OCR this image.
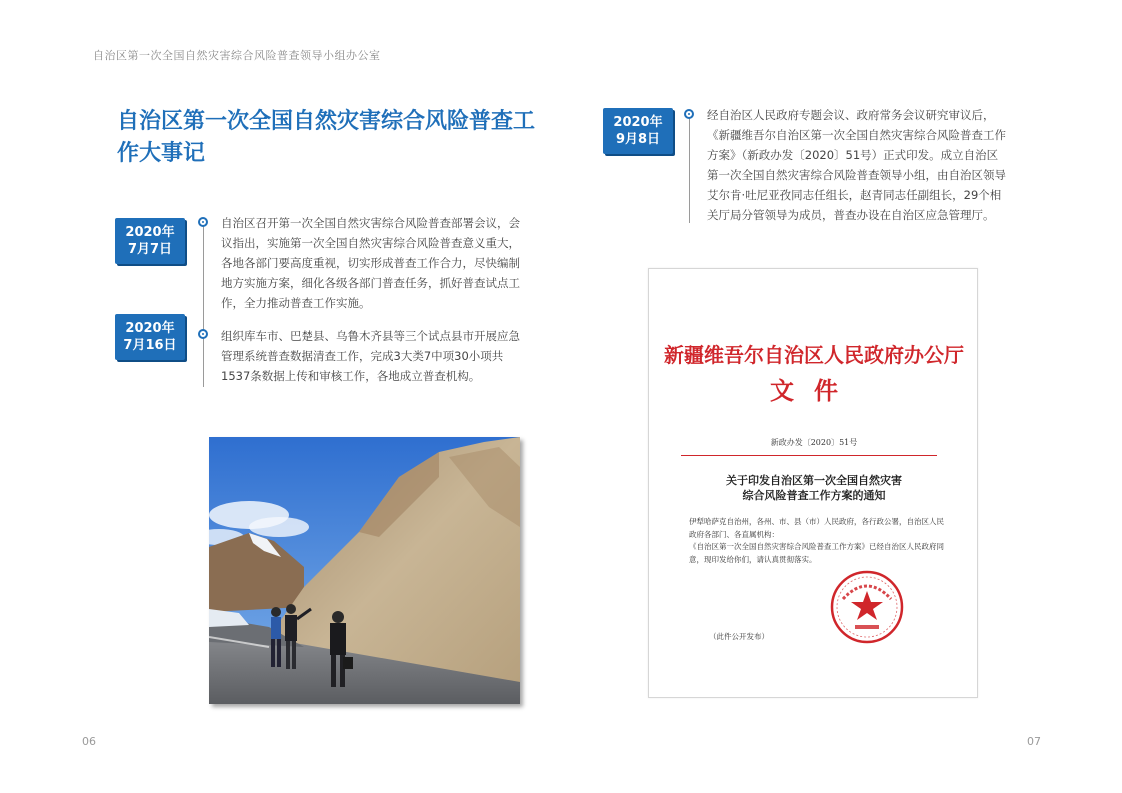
自治区第一次全国自然灾害综合风险普查领导小组办公室
自治区第一次全国自然灾害综合风险普查工作大事记
2020年
7月7日

自治区召开第一次全国自然灾害综合风险普查部署会议，会议指出，实施第一次全国自然灾害综合风险普查意义重大，各地各部门要高度重视，切实形成普查工作合力，尽快编制地方实施方案，细化各级各部门普查任务，抓好普查试点工作，全力推动普查工作实施。

2020年
7月16日

组织库车市、巴楚县、乌鲁木齐县等三个试点县市开展应急管理系统普查数据清查工作，完成3大类7中项30小项共1537条数据上传和审核工作，各地成立普查机构。

2020年
9月8日

经自治区人民政府专题会议、政府常务会议研究审议后，《新疆维吾尔自治区第一次全国自然灾害综合风险普查工作方案》（新政办发〔2020〕51号）正式印发。成立自治区第一次全国自然灾害综合风险普查领导小组，由自治区领导艾尔肯·吐尼亚孜同志任组长，赵青同志任副组长，29个相关厅局分管领导为成员，普查办设在自治区应急管理厅。

新疆维吾尔自治区人民政府办公厅
文件
新政办发〔2020〕51号
关于印发自治区第一次全国自然灾害
综合风险普查工作方案的通知
伊犁哈萨克自治州，各州、市、县（市）人民政府，各行政公署，自治区人民政府各部门、各直属机构：
《自治区第一次全国自然灾害综合风险普查工作方案》已经自治区人民政府同意，现印发给你们，请认真贯彻落实。
（此件公开发布）
06	07
